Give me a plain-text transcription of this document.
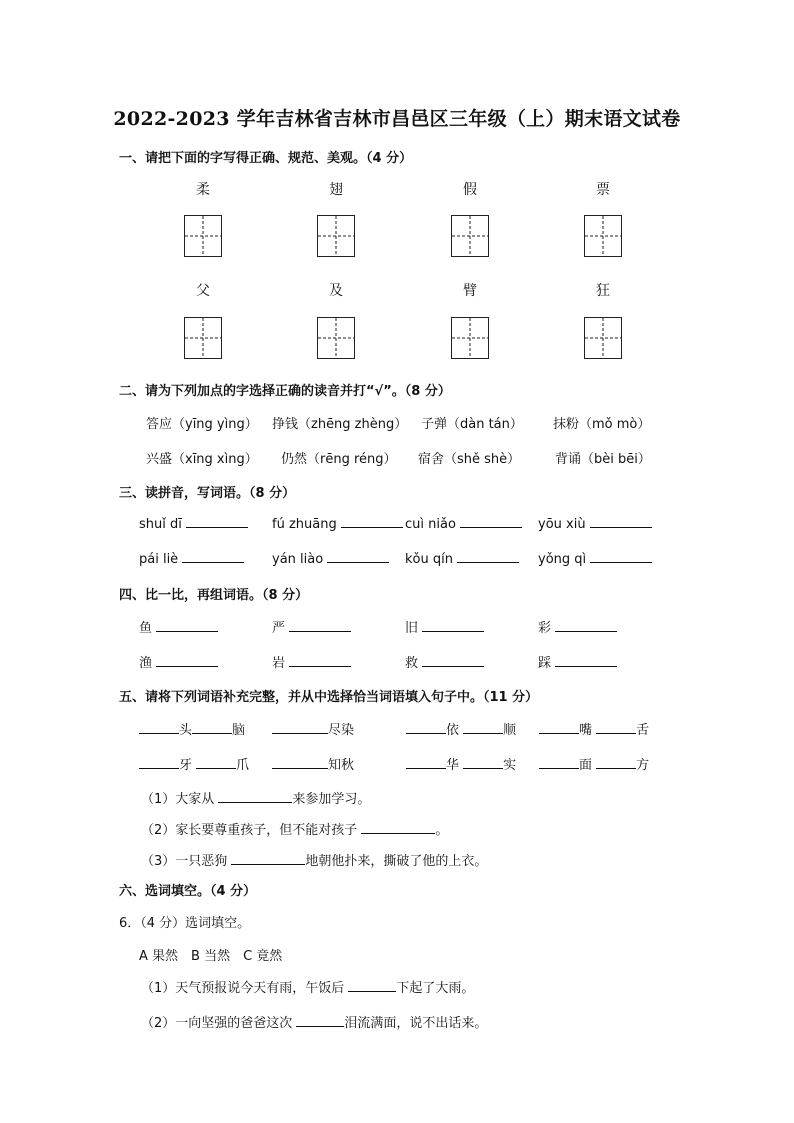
2022-2023 学年吉林省吉林市昌邑区三年级（上）期末语文试卷
一、请把下面的字写得正确、规范、美观。（4 分）
柔	翅	假	票
父	及	臂	狂
二、请为下列加点的字选择正确的读音并打“√”。（8 分）
答应（yīng yìng） 挣钱（zhēng zhèng） 子弹（dàn tán） 抹粉（mǒ mò）
兴盛（xīng xìng） 仍然（rēng réng） 宿舍（shě shè）	背诵（bèi bēi）
三、读拼音，写词语。（8 分）
shuǐ dī	fú zhuāng	cuì niǎo	yōu xiù
pái liè	yán liào	kǒu qín	yǒng qì
四、比一比，再组词语。（8 分）
鱼	严	旧	彩
渔	岩	救	踩
五、请将下列词语补充完整，并从中选择恰当词语填入句子中。（11 分）
头	脑	尽染	依	顺	嘴	舌
牙	爪	知秋	华	实	面	方
（1）大家从	来参加学习。
（2）家长要尊重孩子，但不能对孩子	。
（3）一只恶狗	地朝他扑来，撕破了他的上衣。
六、选词填空。（4 分）
6．（4 分）选词填空。
A 果然　B 当然　C 竟然
（1）天气预报说今天有雨，午饭后	下起了大雨。
（2）一向坚强的爸爸这次	泪流满面，说不出话来。
